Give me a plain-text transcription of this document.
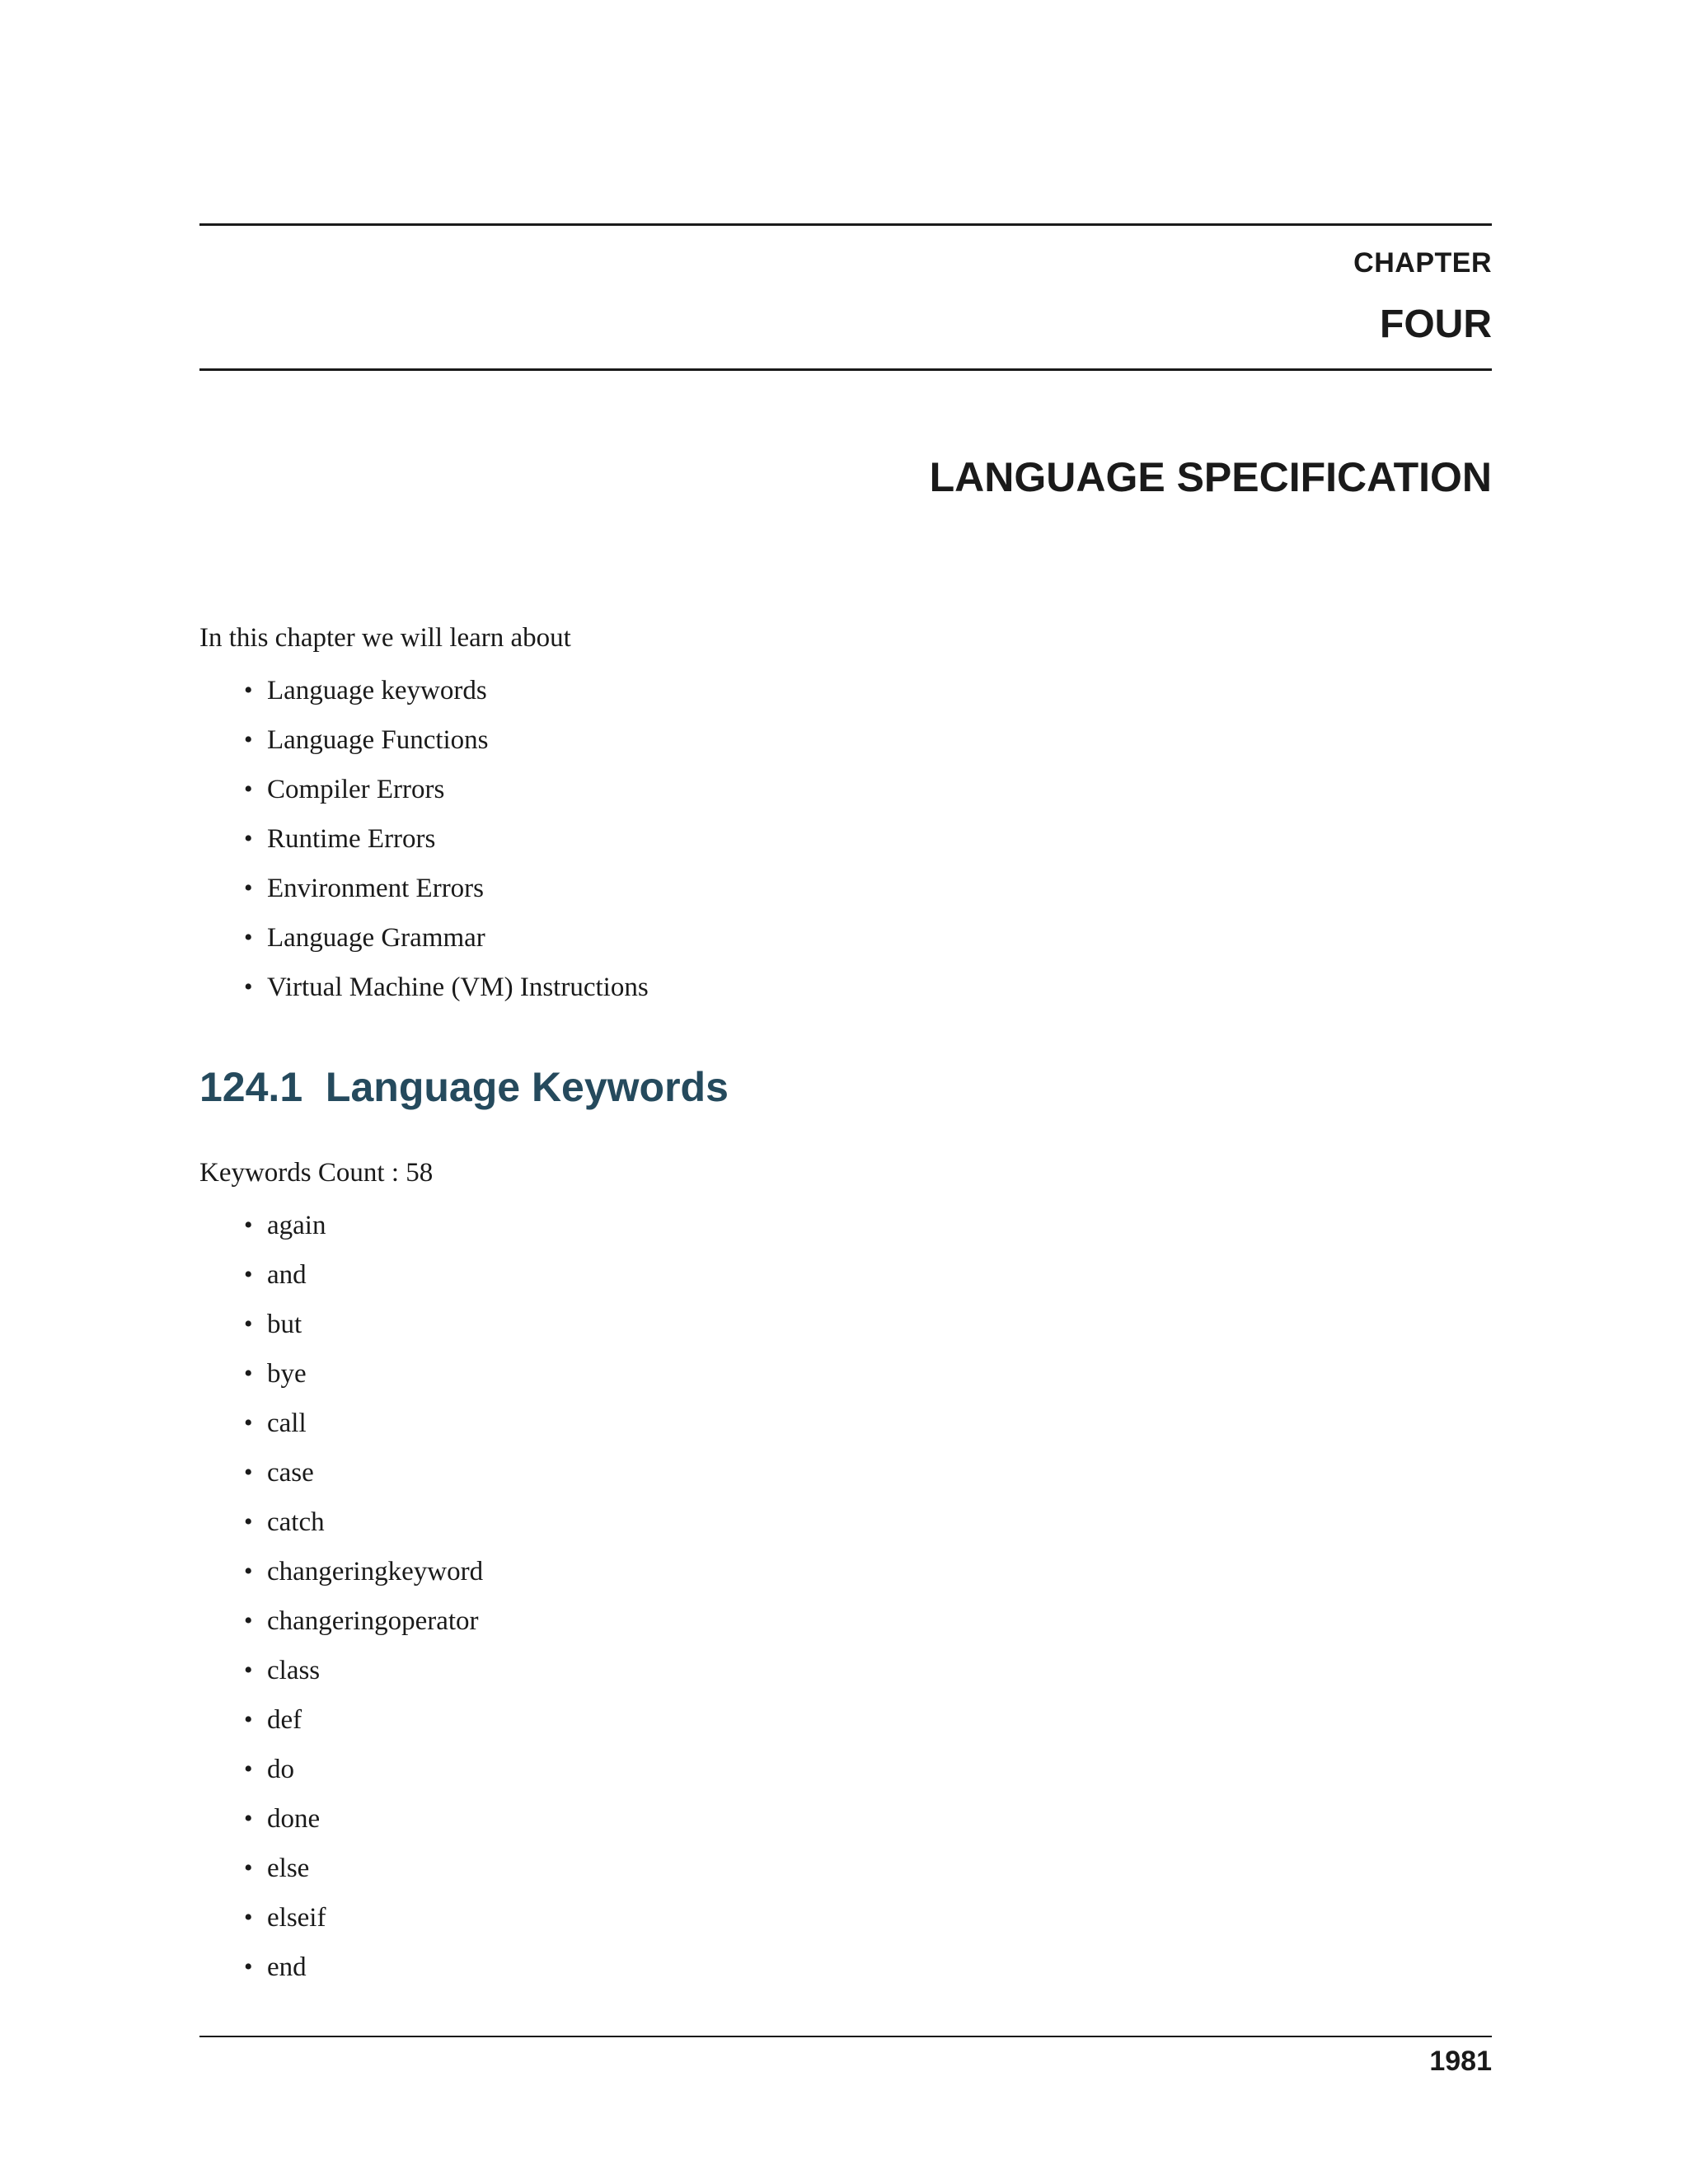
CHAPTER
FOUR
LANGUAGE SPECIFICATION
In this chapter we will learn about
• Language keywords
• Language Functions
• Compiler Errors
• Runtime Errors
• Environment Errors
• Language Grammar
• Virtual Machine (VM) Instructions
124.1 Language Keywords
Keywords Count : 58
• again
• and
• but
• bye
• call
• case
• catch
• changeringkeyword
• changeringoperator
• class
• def
• do
• done
• else
• elseif
• end
1981
